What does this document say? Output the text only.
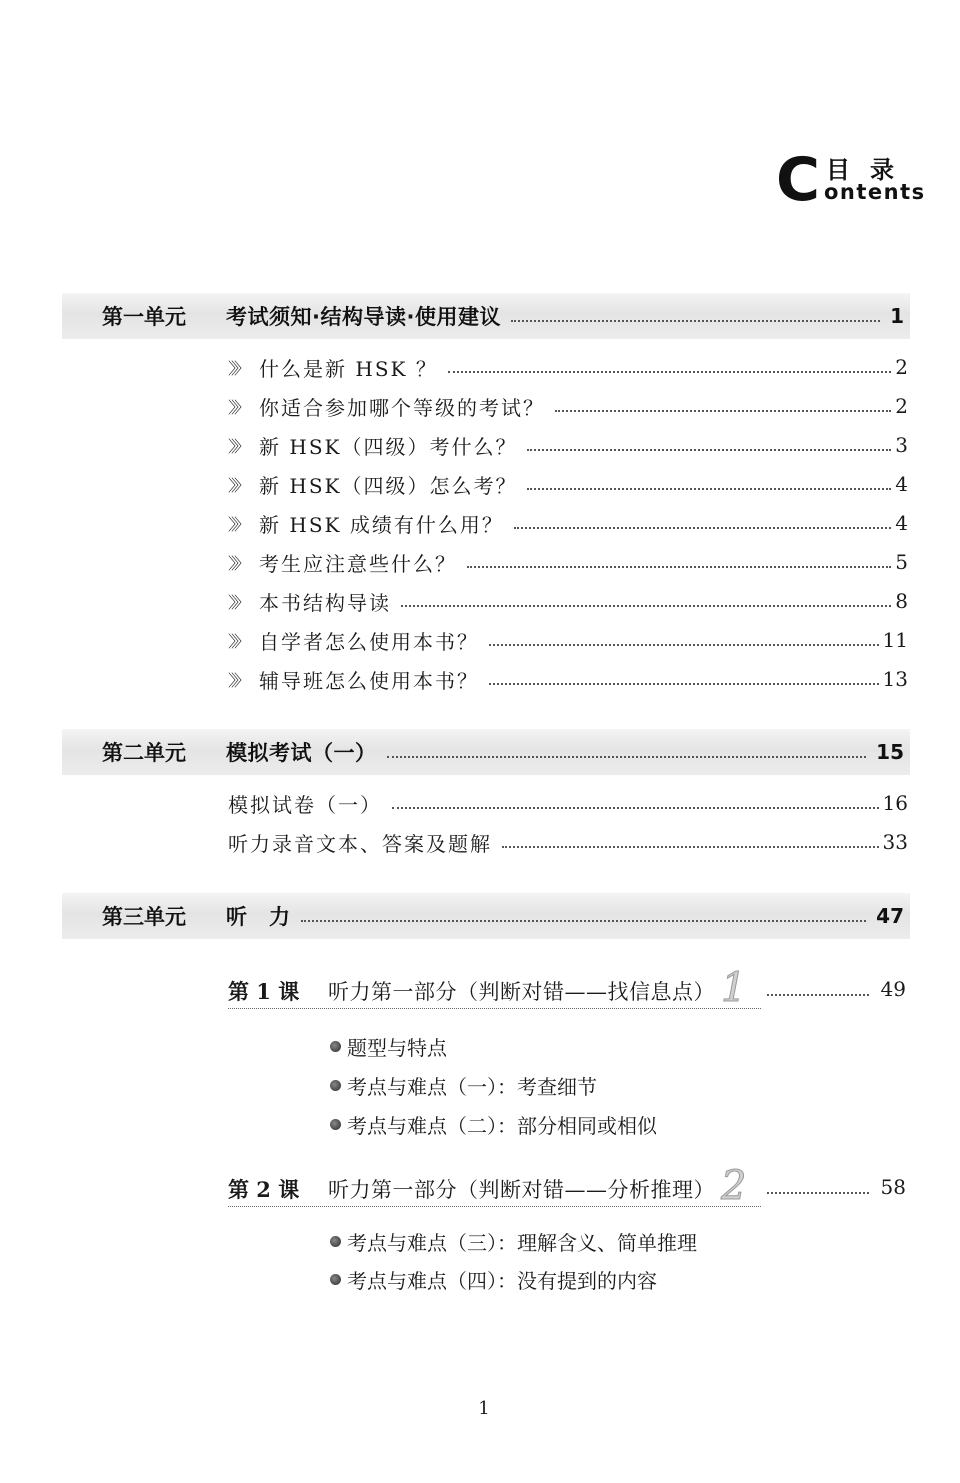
C 目录
ontents
第一单元	考试须知·结构导读·使用建议	1
〉〉〉 什么是新 HSK ？	2
〉〉〉 你适合参加哪个等级的考试？	2
〉〉〉 新 HSK（四级）考什么？	3
〉〉〉 新 HSK（四级）怎么考？	4
〉〉〉 新 HSK 成绩有什么用？	4
〉〉〉 考生应注意些什么？	5
〉〉〉 本书结构导读	8
〉〉〉 自学者怎么使用本书？	11
〉〉〉 辅导班怎么使用本书？	13
第二单元	模拟考试（一）	15
模拟试卷（一）	16
听力录音文本、答案及题解	33
第三单元	听　力	47
第 1 课	听力第一部分（判断对错——找信息点） 1	49
题型与特点
考点与难点（一）：考查细节
考点与难点（二）：部分相同或相似
第 2 课	听力第一部分（判断对错——分析推理） 2	58
考点与难点（三）：理解含义、简单推理
考点与难点（四）：没有提到的内容
1
